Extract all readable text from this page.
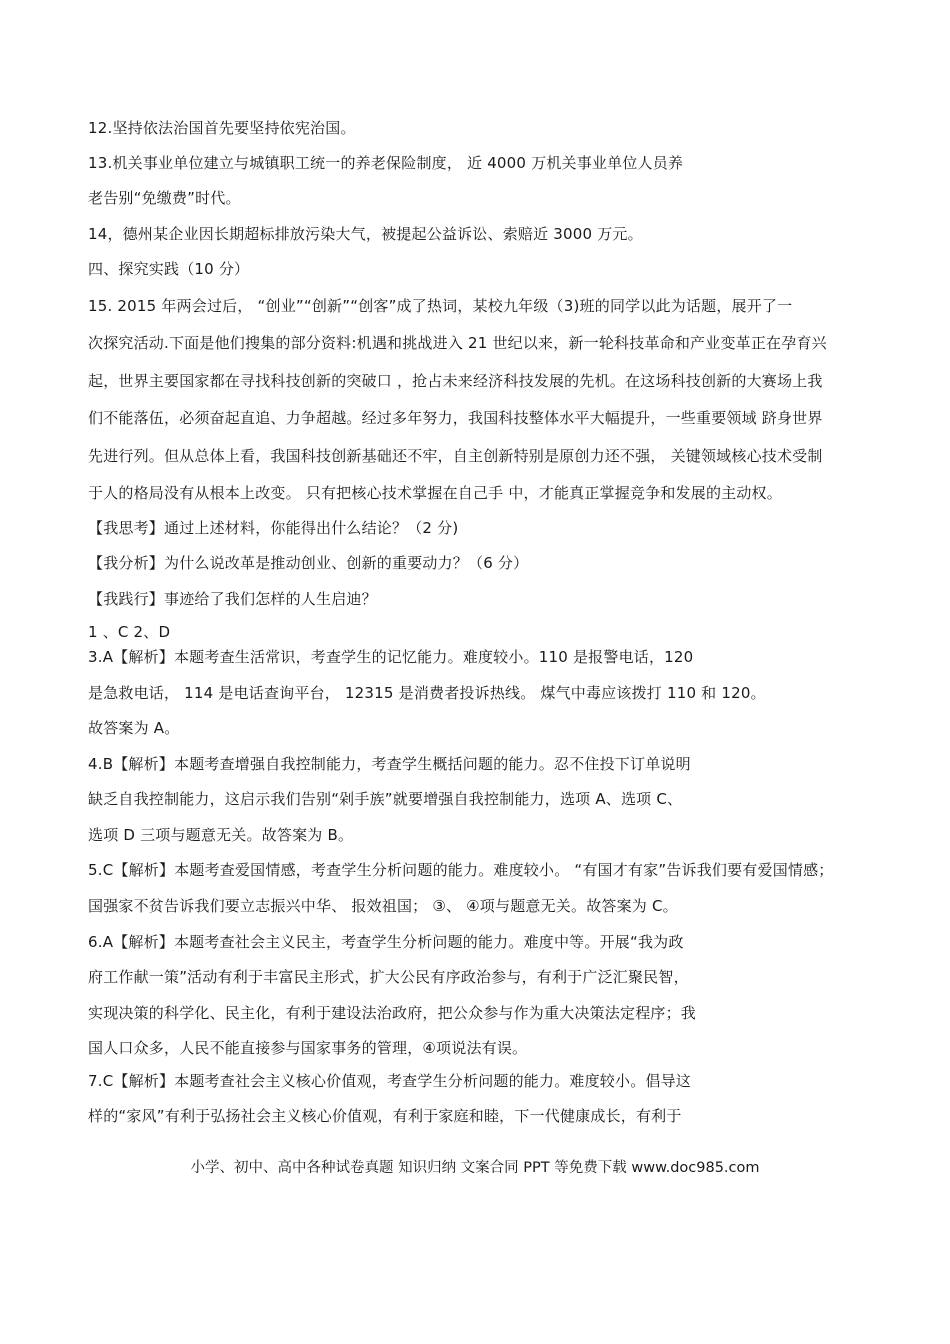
12.坚持依法治国首先要坚持依宪治国。
13.机关事业单位建立与城镇职工统一的养老保险制度， 近 4000 万机关事业单位人员养
老告别“免缴费”时代。
14，德州某企业因长期超标排放污染大气，被提起公益诉讼、索赔近 3000 万元。
四、探究实践（10 分）
15. 2015 年两会过后， “创业”“创新”“创客”成了热词，某校九年级（3)班的同学以此为话题，展开了一
次探究活动.下面是他们搜集的部分资料:机遇和挑战进入 21 世纪以来，新一轮科技革命和产业变革正在孕育兴
起，世界主要国家都在寻找科技创新的突破口 ，抢占未来经济科技发展的先机。在这场科技创新的大赛场上我
们不能落伍，必须奋起直追、力争超越。经过多年努力，我国科技整体水平大幅提升，一些重要领域 跻身世界
先进行列。但从总体上看，我国科技创新基础还不牢，自主创新特别是原创力还不强， 关键领域核心技术受制
于人的格局没有从根本上改变。 只有把核心技术掌握在自己手 中，才能真正掌握竞争和发展的主动权。
【我思考】通过上述材料，你能得出什么结论？（2 分)
【我分析】为什么说改革是推动创业、创新的重要动力？（6 分）
【我践行】事迹给了我们怎样的人生启迪？
1 、C 2、D
3.A【解析】本题考查生活常识，考查学生的记忆能力。难度较小。110 是报警电话，120
是急救电话， 114 是电话查询平台， 12315 是消费者投诉热线。 煤气中毒应该拨打 110 和 120。
故答案为 A。
4.B【解析】本题考查增强自我控制能力，考查学生概括问题的能力。忍不住投下订单说明
缺乏自我控制能力，这启示我们告别“剁手族”就要增强自我控制能力，选项 A、选项 C、
选项 D 三项与题意无关。故答案为 B。
5.C【解析】本题考查爱国情感，考查学生分析问题的能力。难度较小。 “有国才有家”告诉我们要有爱国情感；
国强家不贫告诉我们要立志振兴中华、 报效祖国； ③、 ④项与题意无关。故答案为 C。
6.A【解析】本题考查社会主义民主，考查学生分析问题的能力。难度中等。开展“我为政
府工作献一策”活动有利于丰富民主形式，扩大公民有序政治参与，有利于广泛汇聚民智，
实现决策的科学化、民主化，有利于建设法治政府，把公众参与作为重大决策法定程序；我
国人口众多，人民不能直接参与国家事务的管理，④项说法有误。
7.C【解析】本题考查社会主义核心价值观，考查学生分析问题的能力。难度较小。倡导这
样的“家风”有利于弘扬社会主义核心价值观，有利于家庭和睦，下一代健康成长，有利于
小学、初中、高中各种试卷真题 知识归纳 文案合同 PPT 等免费下载 www.doc985.com
